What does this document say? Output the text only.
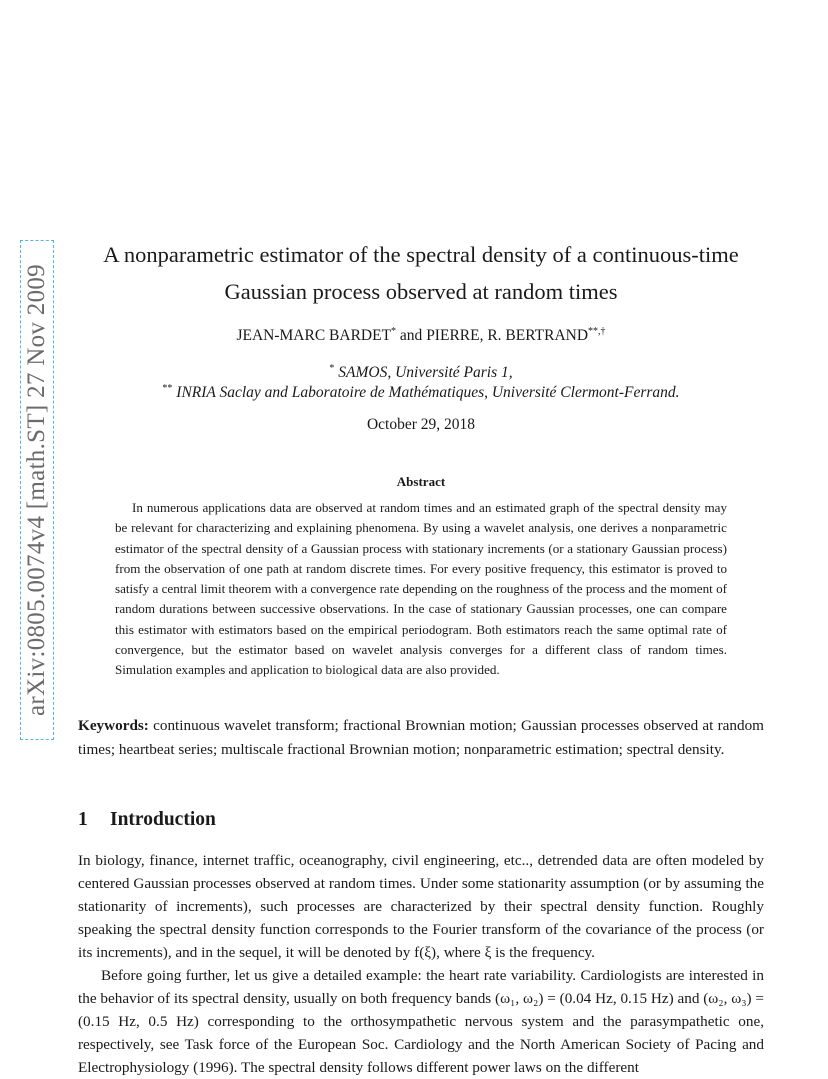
arXiv:0805.0074v4 [math.ST] 27 Nov 2009
A nonparametric estimator of the spectral density of a continuous-time
Gaussian process observed at random times
JEAN-MARC BARDET* and PIERRE, R. BERTRAND**,†
* SAMOS, Université Paris 1,
** INRIA Saclay and Laboratoire de Mathématiques, Université Clermont-Ferrand.
October 29, 2018
Abstract
In numerous applications data are observed at random times and an estimated graph of the spectral density may be relevant for characterizing and explaining phenomena. By using a wavelet analysis, one derives a nonparametric estimator of the spectral density of a Gaussian process with stationary increments (or a stationary Gaussian process) from the observation of one path at random discrete times. For every positive frequency, this estimator is proved to satisfy a central limit theorem with a convergence rate depending on the roughness of the process and the moment of random durations between successive observations. In the case of stationary Gaussian processes, one can compare this estimator with estimators based on the empirical periodogram. Both estimators reach the same optimal rate of convergence, but the estimator based on wavelet analysis converges for a different class of random times. Simulation examples and application to biological data are also provided.
Keywords: continuous wavelet transform; fractional Brownian motion; Gaussian processes observed at random times; heartbeat series; multiscale fractional Brownian motion; nonparametric estimation; spectral density.
1 Introduction

In biology, finance, internet traffic, oceanography, civil engineering, etc.., detrended data are often modeled by centered Gaussian processes observed at random times. Under some stationarity assumption (or by assuming the stationarity of increments), such processes are characterized by their spectral density function. Roughly speaking the spectral density function corresponds to the Fourier transform of the covariance of the process (or its increments), and in the sequel, it will be denoted by f(ξ), where ξ is the frequency.

Before going further, let us give a detailed example: the heart rate variability. Cardiologists are interested in the behavior of its spectral density, usually on both frequency bands (ω₁, ω₂) = (0.04 Hz, 0.15 Hz) and (ω₂, ω₃) = (0.15 Hz, 0.5 Hz) corresponding to the orthosympathetic nervous system and the parasympathetic one, respectively, see Task force of the European Soc. Cardiology and the North American Society of Pacing and Electrophysiology (1996). The spectral density follows different power laws on the different
